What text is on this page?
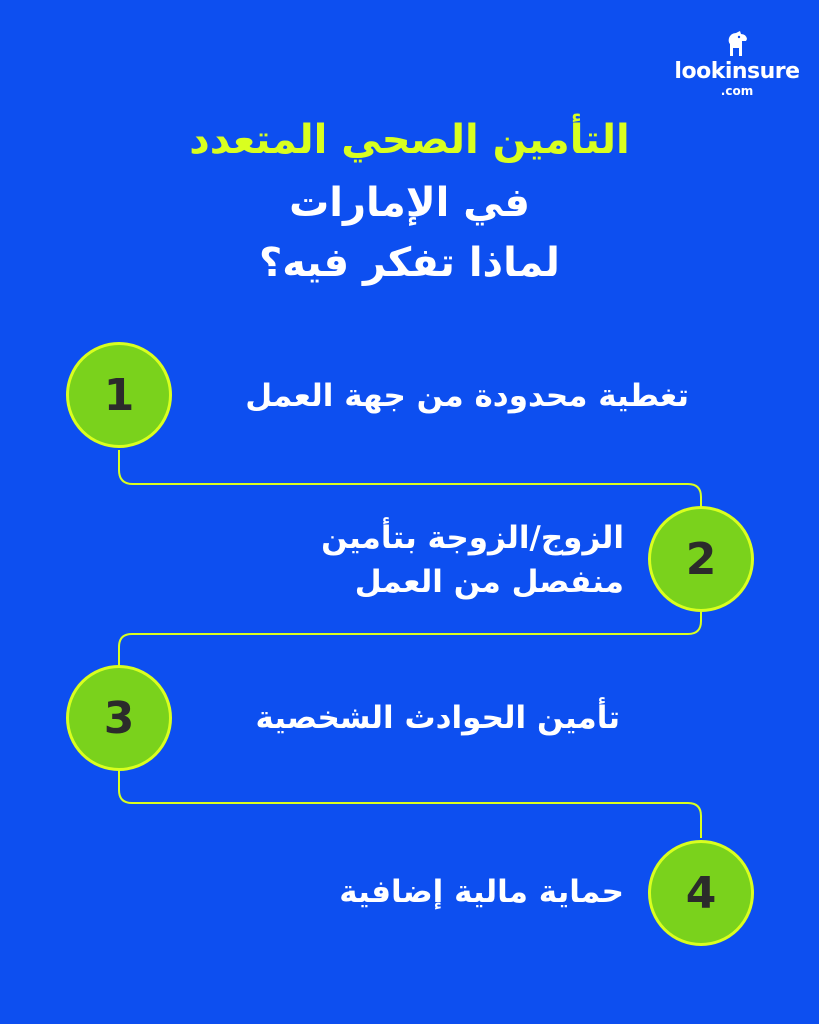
lookinsure
.com
التأمين الصحي المتعدد
في الإمارات
لماذا تفكر فيه؟
1	تغطية محدودة من جهة العمل
2
الزوج/الزوجة بتأمين
منفصل من العمل
3	تأمين الحوادث الشخصية
4
حماية مالية إضافية
